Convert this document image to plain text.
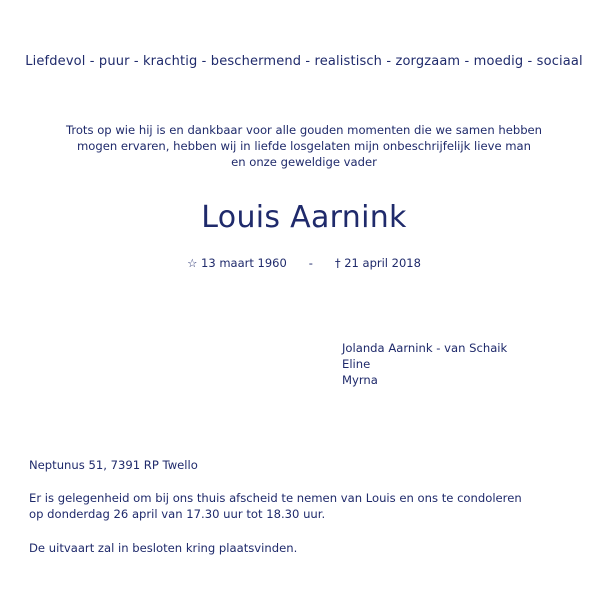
Liefdevol - puur - krachtig - beschermend - realistisch - zorgzaam - moedig - sociaal
Trots op wie hij is en dankbaar voor alle gouden momenten die we samen hebben
mogen ervaren, hebben wij in liefde losgelaten mijn onbeschrijfelijk lieve man
en onze geweldige vader
Louis Aarnink
☆ 13 maart 1960 - † 21 april 2018
Jolanda Aarnink - van Schaik
Eline
Myrna
Neptunus 51, 7391 RP Twello
Er is gelegenheid om bij ons thuis afscheid te nemen van Louis en ons te condoleren
op donderdag 26 april van 17.30 uur tot 18.30 uur.
De uitvaart zal in besloten kring plaatsvinden.
